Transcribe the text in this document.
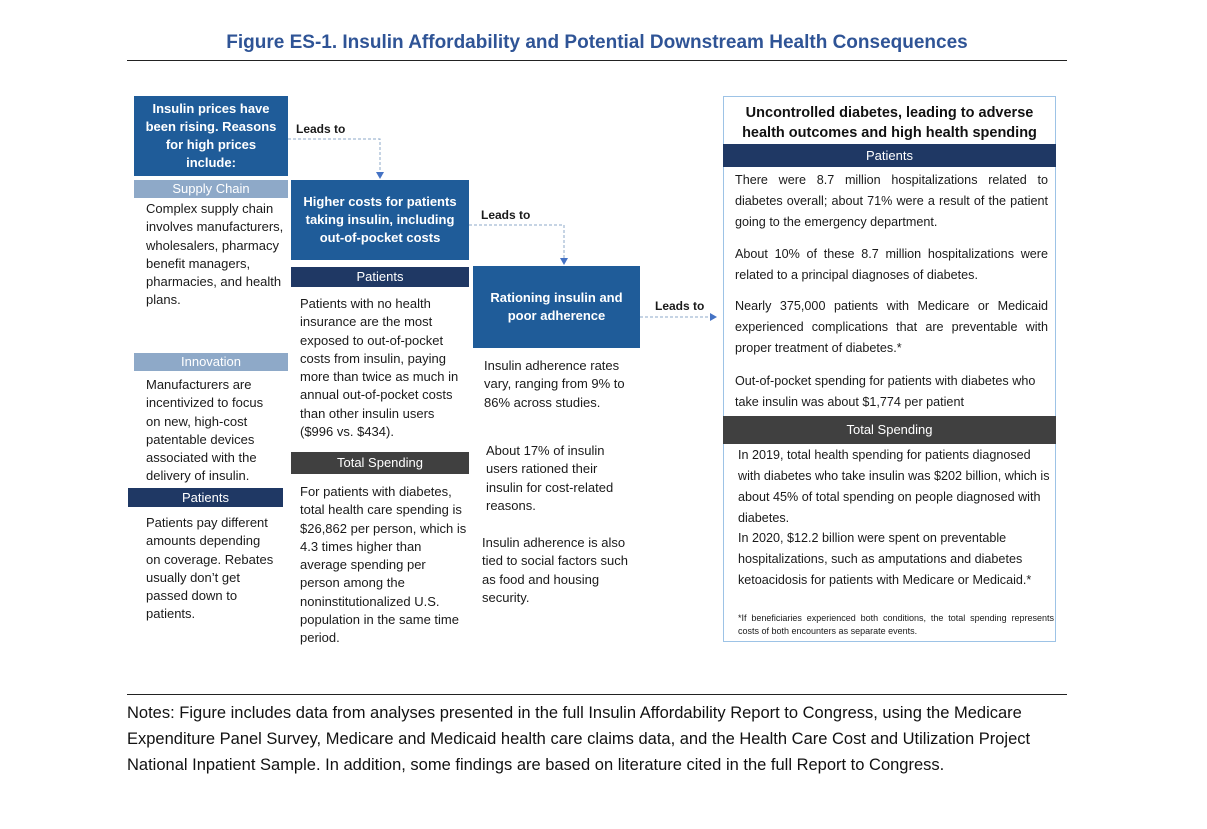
Figure ES-1. Insulin Affordability and Potential Downstream Health Consequences
Insulin prices have been rising. Reasons for high prices include:
Supply Chain
Complex supply chain involves manufacturers, wholesalers, pharmacy benefit managers, pharmacies, and health plans.
Innovation
Manufacturers are incentivized to focus on new, high-cost patentable devices associated with the delivery of insulin.
Patients
Patients pay different amounts depending on coverage. Rebates usually don’t get passed down to patients.
Leads to
Higher costs for patients taking insulin, including out-of-pocket costs
Patients
Patients with no health insurance are the most exposed to out-of-pocket costs from insulin, paying more than twice as much in annual out-of-pocket costs than other insulin users ($996 vs. $434).
Total Spending
For patients with diabetes, total health care spending is $26,862 per person, which is 4.3 times higher than average spending per person among the noninstitutionalized U.S. population in the same time period.
Leads to
Rationing insulin and poor adherence
Insulin adherence rates vary, ranging from 9% to 86% across studies.
About 17% of insulin users rationed their insulin for cost-related reasons.
Insulin adherence is also tied to social factors such as food and housing security.
Leads to
Uncontrolled diabetes, leading to adverse health outcomes and high health spending
Patients
There were 8.7 million hospitalizations related to diabetes overall; about 71% were a result of the patient going to the emergency department.
About 10% of these 8.7 million hospitalizations were related to a principal diagnoses of diabetes.
Nearly 375,000 patients with Medicare or Medicaid experienced complications that are preventable with proper treatment of diabetes.*
Out-of-pocket spending for patients with diabetes who take insulin was about $1,774 per patient
Total Spending
In 2019, total health spending for patients diagnosed with diabetes who take insulin was $202 billion, which is about 45% of total spending on people diagnosed with diabetes.
In 2020, $12.2 billion were spent on preventable hospitalizations, such as amputations and diabetes ketoacidosis for patients with Medicare or Medicaid.*
*If beneficiaries experienced both conditions, the total spending represents costs of both encounters as separate events.
Notes: Figure includes data from analyses presented in the full Insulin Affordability Report to Congress, using the Medicare Expenditure Panel Survey, Medicare and Medicaid health care claims data, and the Health Care Cost and Utilization Project National Inpatient Sample. In addition, some findings are based on literature cited in the full Report to Congress.
